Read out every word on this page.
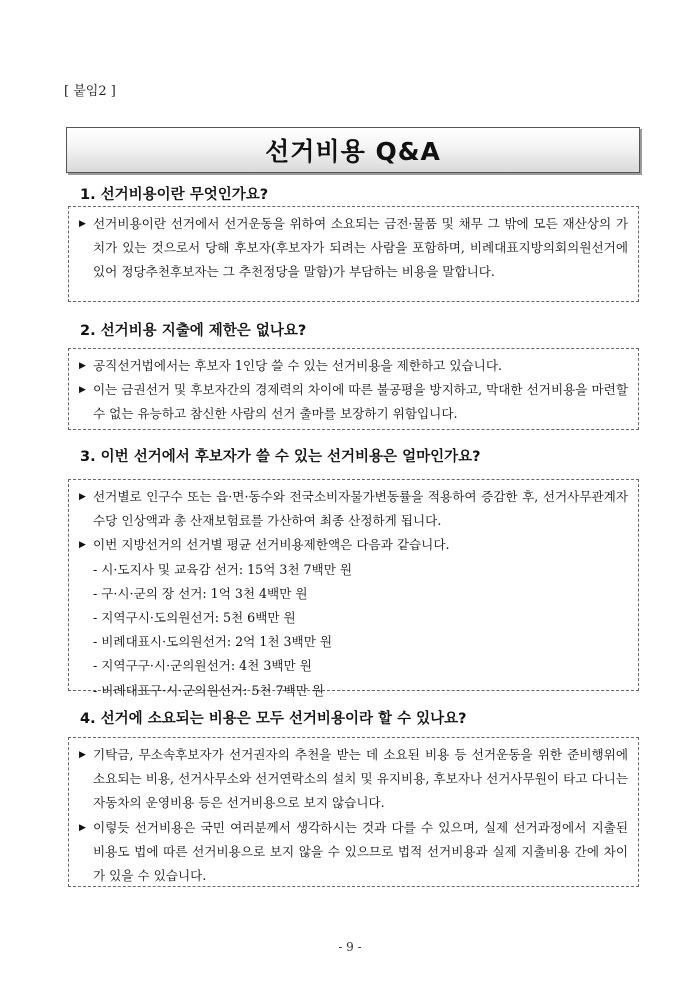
[ 붙임2 ]
선거비용 Q&A
1. 선거비용이란 무엇인가요?
▶ 선거비용이란 선거에서 선거운동을 위하여 소요되는 금전·물품 및 채무 그 밖에 모든 재산상의 가치가 있는 것으로서 당해 후보자(후보자가 되려는 사람을 포함하며, 비례대표지방의회의원선거에 있어 정당추천후보자는 그 추천정당을 말함)가 부담하는 비용을 말합니다.
2. 선거비용 지출에 제한은 없나요?
▶ 공직선거법에서는 후보자 1인당 쓸 수 있는 선거비용을 제한하고 있습니다.
▶ 이는 금권선거 및 후보자간의 경제력의 차이에 따른 불공평을 방지하고, 막대한 선거비용을 마련할 수 없는 유능하고 참신한 사람의 선거 출마를 보장하기 위함입니다.
3. 이번 선거에서 후보자가 쓸 수 있는 선거비용은 얼마인가요?
▶ 선거별로 인구수 또는 읍·면·동수와 전국소비자물가변동률을 적용하여 증감한 후, 선거사무관계자 수당 인상액과 총 산재보험료를 가산하여 최종 산정하게 됩니다.
▶ 이번 지방선거의 선거별 평균 선거비용제한액은 다음과 같습니다.
- 시·도지사 및 교육감 선거: 15억 3천 7백만 원
- 구·시·군의 장 선거: 1억 3천 4백만 원
- 지역구시·도의원선거: 5천 6백만 원
- 비례대표시·도의원선거: 2억 1천 3백만 원
- 지역구구·시·군의원선거: 4천 3백만 원
- 비례대표구·시·군의원선거: 5천 7백만 원
4. 선거에 소요되는 비용은 모두 선거비용이라 할 수 있나요?
▶ 기탁금, 무소속후보자가 선거권자의 추천을 받는 데 소요된 비용 등 선거운동을 위한 준비행위에 소요되는 비용, 선거사무소와 선거연락소의 설치 및 유지비용, 후보자나 선거사무원이 타고 다니는 자동차의 운영비용 등은 선거비용으로 보지 않습니다.
▶ 이렇듯 선거비용은 국민 여러분께서 생각하시는 것과 다를 수 있으며, 실제 선거과정에서 지출된 비용도 법에 따른 선거비용으로 보지 않을 수 있으므로 법적 선거비용과 실제 지출비용 간에 차이가 있을 수 있습니다.
- 9 -
